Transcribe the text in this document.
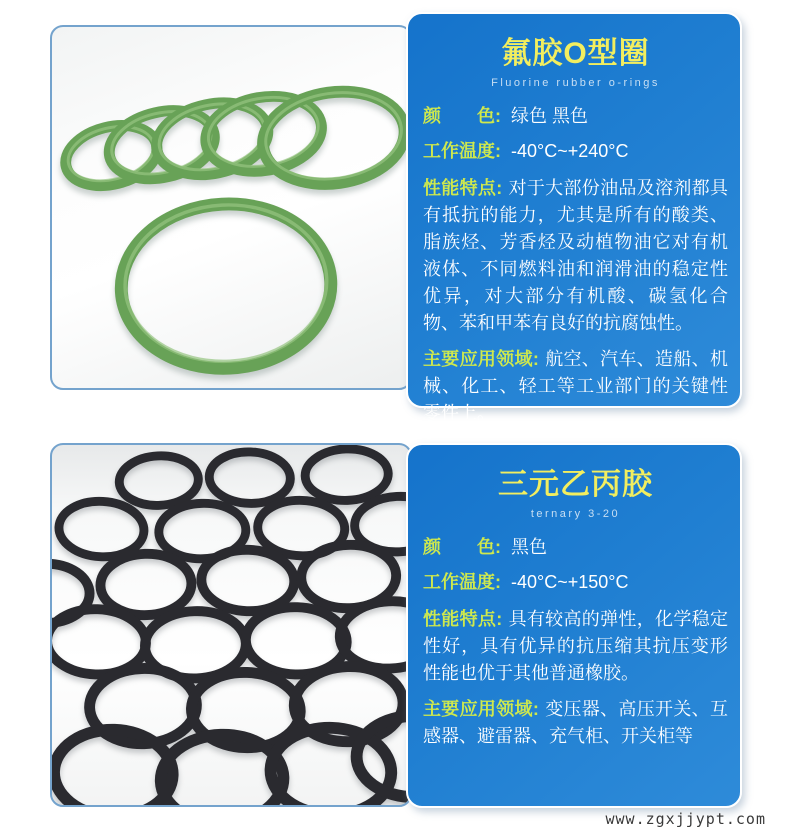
氟胶O型圈
Fluorine rubber o-rings
颜　　色: 绿色 黑色
工作温度: -40°C~+240°C

性能特点: 对于大部份油品及溶剂都具有抵抗的能力，尤其是所有的酸类、脂族烃、芳香烃及动植物油它对有机液体、不同燃料油和润滑油的稳定性优异，对大部分有机酸、碳氢化合物、苯和甲苯有良好的抗腐蚀性。

主要应用领域: 航空、汽车、造船、机械、化工、轻工等工业部门的关键性零件上。

三元乙丙胶
ternary 3-20
颜　　色: 黑色
工作温度: -40°C~+150°C

性能特点: 具有较高的弹性，化学稳定性好，具有优异的抗压缩其抗压变形性能也优于其他普通橡胶。

主要应用领域: 变压器、高压开关、互感器、避雷器、充气柜、开关柜等

www.zgxjjypt.com
